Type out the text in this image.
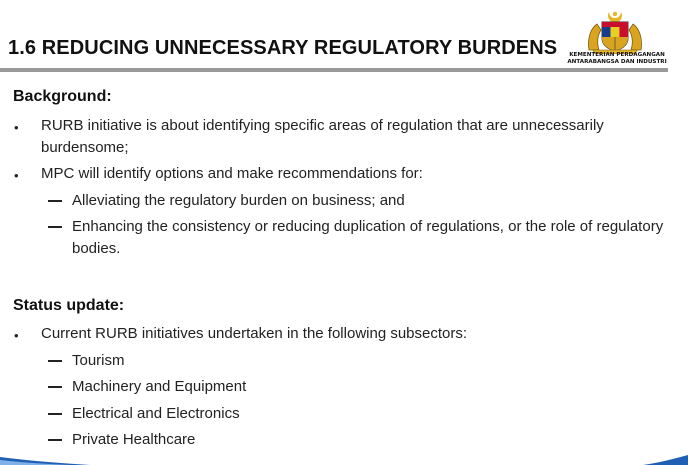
1.6 REDUCING UNNECESSARY REGULATORY BURDENS	KEMENTERIAN PERDAGANGAN
ANTARABANGSA DAN INDUSTRI
Background:
• RURB initiative is about identifying specific areas of regulation that are unnecessarily burdensome;
• MPC will identify options and make recommendations for:
Alleviating the regulatory burden on business; and
Enhancing the consistency or reducing duplication of regulations, or the role of regulatory bodies.
Status update:
• Current RURB initiatives undertaken in the following subsectors:
Tourism
Machinery and Equipment
Electrical and Electronics
Private Healthcare
